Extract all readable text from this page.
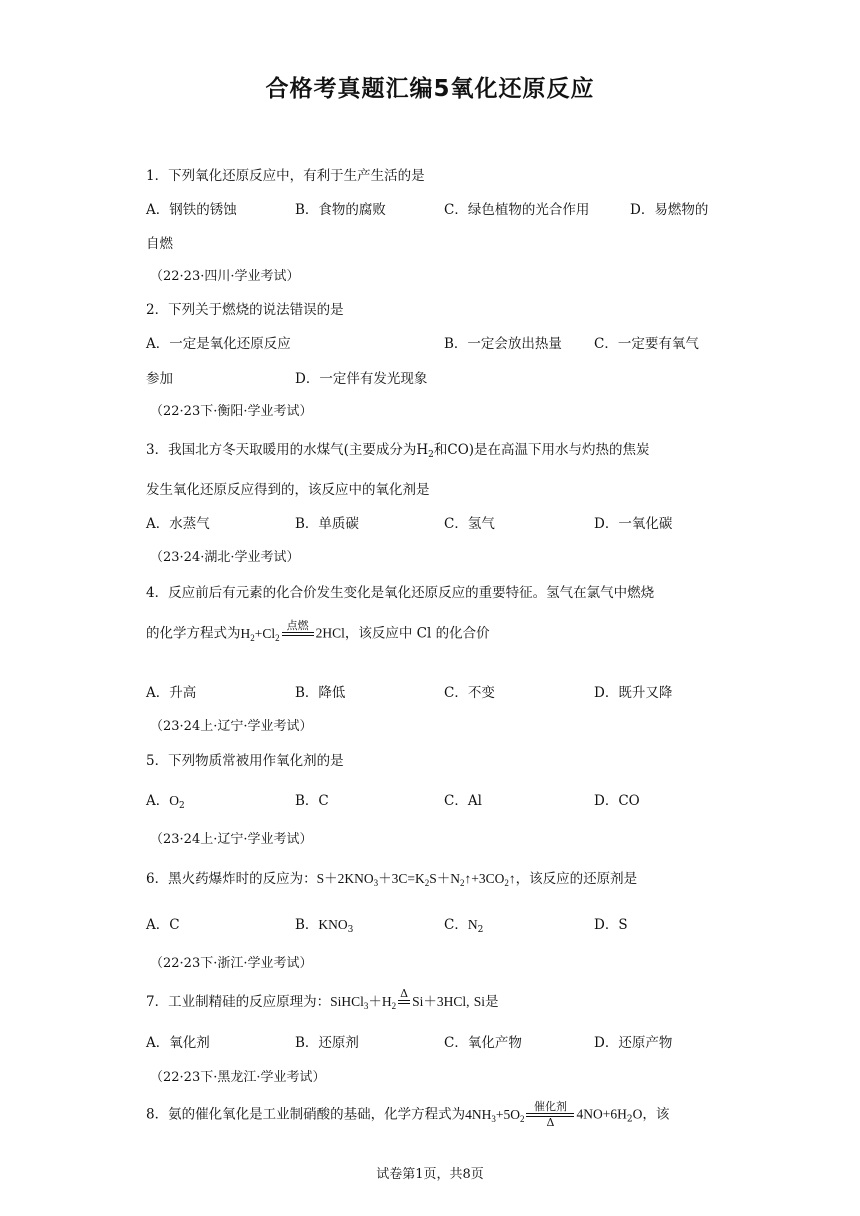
合格考真题汇编5氧化还原反应
1．下列氧化还原反应中，有利于生产生活的是
A．钢铁的锈蚀	B．食物的腐败	C．绿色植物的光合作用	D．易燃物的
自燃
（22·23·四川·学业考试）
2．下列关于燃烧的说法错误的是
A．一定是氧化还原反应	B．一定会放出热量 C．一定要有氧气
参加	D．一定伴有发光现象
（22·23下·衡阳·学业考试）
3．我国北方冬天取暖用的水煤气(主要成分为$H_2$和CO)是在高温下用水与灼热的焦炭
发生氧化还原反应得到的，该反应中的氧化剂是
A．水蒸气	B．单质碳	C．氢气	D．一氧化碳
（23·24·湖北·学业考试）
4．反应前后有元素的化合价发生变化是氧化还原反应的重要特征。氢气在氯气中燃烧
的化学方程式为$H_2+Cl_2$
点燃 2HCl，该反应中 Cl 的化合价
A．升高	B．降低	C．不变	D．既升又降
（23·24上·辽宁·学业考试）
5．下列物质常被用作氧化剂的是
A．$O_2$	B．C	C．Al	D．CO
（23·24上·辽宁·学业考试）
6．黑火药爆炸时的反应为：$S+2KNO_3+3C=K_2S+N_2↑+3CO_2↑$，该反应的还原剂是
A．C	B．$KNO_3$	C．$N_2$	D．S
（22·23下·浙江·学业考试）
7．工业制精硅的反应原理为：$SiHCl_3+H_2$
Δ
Si＋3HCl, Si是
A．氧化剂	B．还原剂	C．氧化产物	D．还原产物
（22·23下·黑龙江·学业考试）
8．氨的催化氧化是工业制硝酸的基础，化学方程式为$4NH_3+5O_2$
催化剂
Δ
$4NO+6H_2O$，该
试卷第1页，共8页
